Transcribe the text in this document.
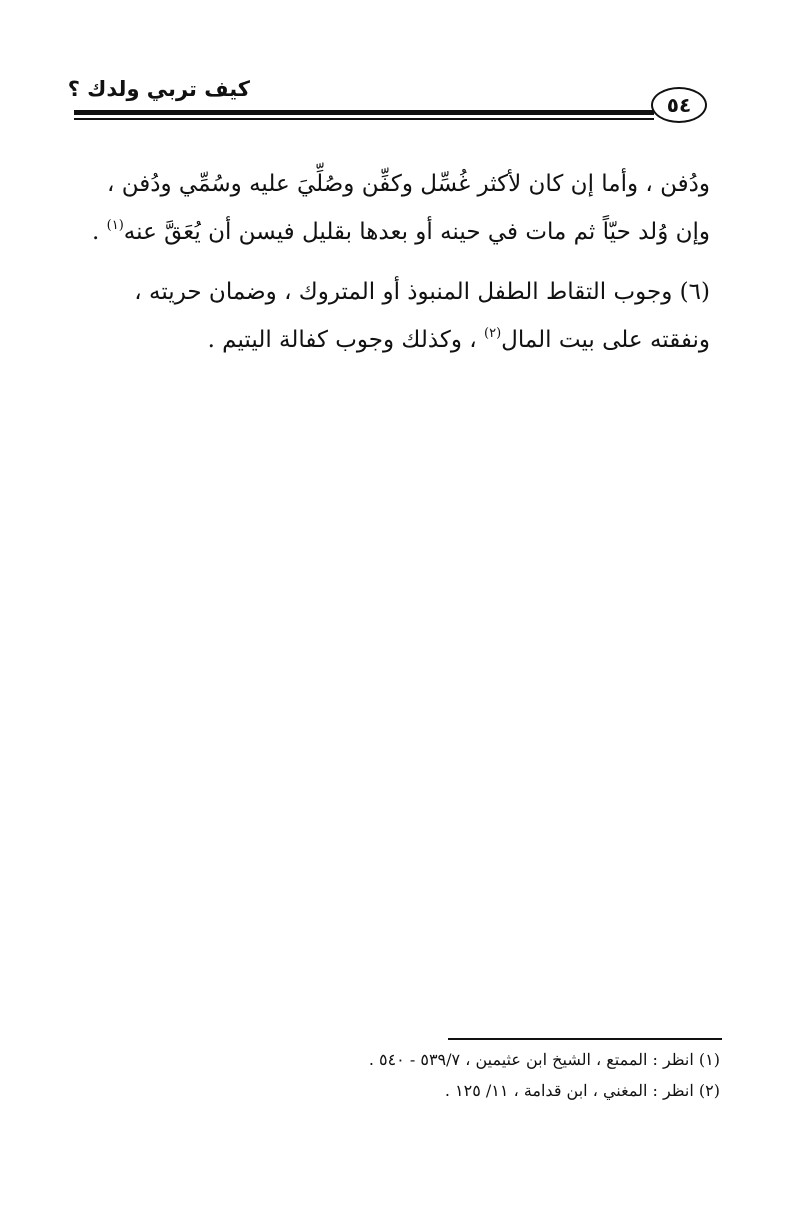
كيف تربي ولدك ؟
٥٤
ودُفن ، وأما إن كان لأكثر غُسِّل وكفِّن وصُلِّيَ عليه وسُمِّي ودُفن ،
وإن وُلد حيّاً ثم مات في حينه أو بعدها بقليل فيسن أن يُعَقَّ عنه$^{(١)}$ .
(٦) وجوب التقاط الطفل المنبوذ أو المتروك ، وضمان حريته ،
ونفقته على بيت المال$^{(٢)}$ ، وكذلك وجوب كفالة اليتيم .
(١) انظر : الممتع ، الشيخ ابن عثيمين ، ٥٣٩/٧ - ٥٤٠ .
(٢) انظر : المغني ، ابن قدامة ، ١١/ ١٢٥ .
